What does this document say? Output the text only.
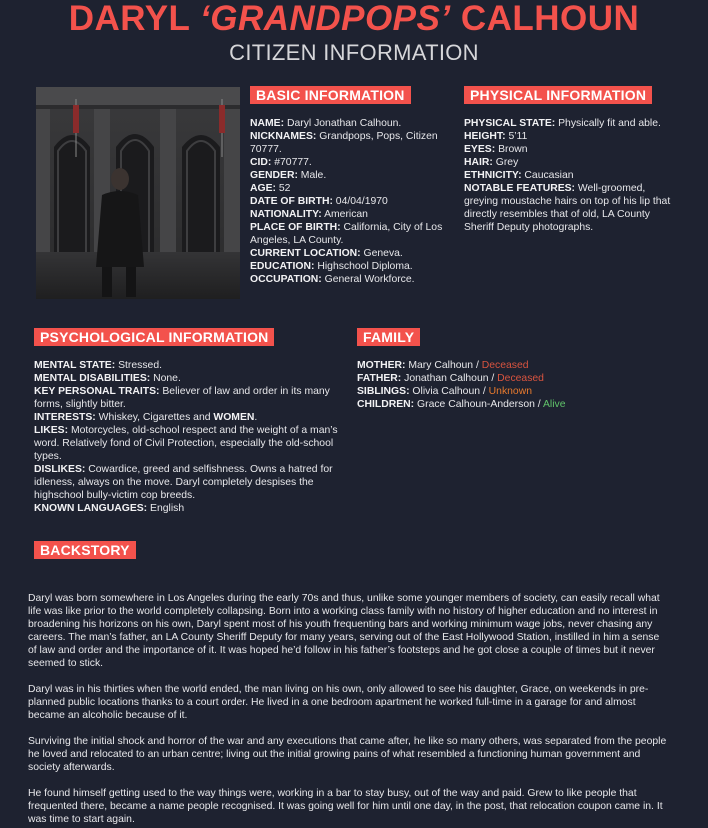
DARYL ‘GRANDPOPS’ CALHOUN
CITIZEN INFORMATION
BASIC INFORMATION
NAME: Daryl Jonathan Calhoun.
NICKNAMES: Grandpops, Pops, Citizen 70777.
CID: #70777.
GENDER: Male.
AGE: 52
DATE OF BIRTH: 04/04/1970
NATIONALITY: American
PLACE OF BIRTH: California, City of Los Angeles, LA County.
CURRENT LOCATION: Geneva.
EDUCATION: Highschool Diploma.
OCCUPATION: General Workforce.
PHYSICAL INFORMATION
PHYSICAL STATE: Physically fit and able.
HEIGHT: 5’11
EYES: Brown
HAIR: Grey
ETHNICITY: Caucasian
NOTABLE FEATURES: Well-groomed, greying moustache hairs on top of his lip that directly resembles that of old, LA County Sheriff Deputy photographs.
PSYCHOLOGICAL INFORMATION
MENTAL STATE: Stressed.
MENTAL DISABILITIES: None.
KEY PERSONAL TRAITS: Believer of law and order in its many forms, slightly bitter.
INTERESTS: Whiskey, Cigarettes and WOMEN.
LIKES: Motorcycles, old-school respect and the weight of a man’s word. Relatively fond of Civil Protection, especially the old-school types.
DISLIKES: Cowardice, greed and selfishness. Owns a hatred for idleness, always on the move. Daryl completely despises the highschool bully-victim cop breeds.
KNOWN LANGUAGES: English
FAMILY
MOTHER: Mary Calhoun / Deceased
FATHER: Jonathan Calhoun / Deceased
SIBLINGS: Olivia Calhoun / Unknown
CHILDREN: Grace Calhoun-Anderson / Alive
BACKSTORY
Daryl was born somewhere in Los Angeles during the early 70s and thus, unlike some younger members of society, can easily recall what life was like prior to the world completely collapsing. Born into a working class family with no history of higher education and no interest in broadening his horizons on his own, Daryl spent most of his youth frequenting bars and working minimum wage jobs, never chasing any careers. The man’s father, an LA County Sheriff Deputy for many years, serving out of the East Hollywood Station, instilled in him a sense of law and order and the importance of it. It was hoped he’d follow in his father’s footsteps and he got close a couple of times but it never seemed to stick.
Daryl was in his thirties when the world ended, the man living on his own, only allowed to see his daughter, Grace, on weekends in pre-planned public locations thanks to a court order. He lived in a one bedroom apartment he worked full-time in a garage for and almost became an alcoholic because of it.
Surviving the initial shock and horror of the war and any executions that came after, he like so many others, was separated from the people he loved and relocated to an urban centre; living out the initial growing pains of what resembled a functioning human government and society afterwards.
He found himself getting used to the way things were, working in a bar to stay busy, out of the way and paid. Grew to like people that frequented there, became a name people recognised. It was going well for him until one day, in the post, that relocation coupon came in. It was time to start again.
